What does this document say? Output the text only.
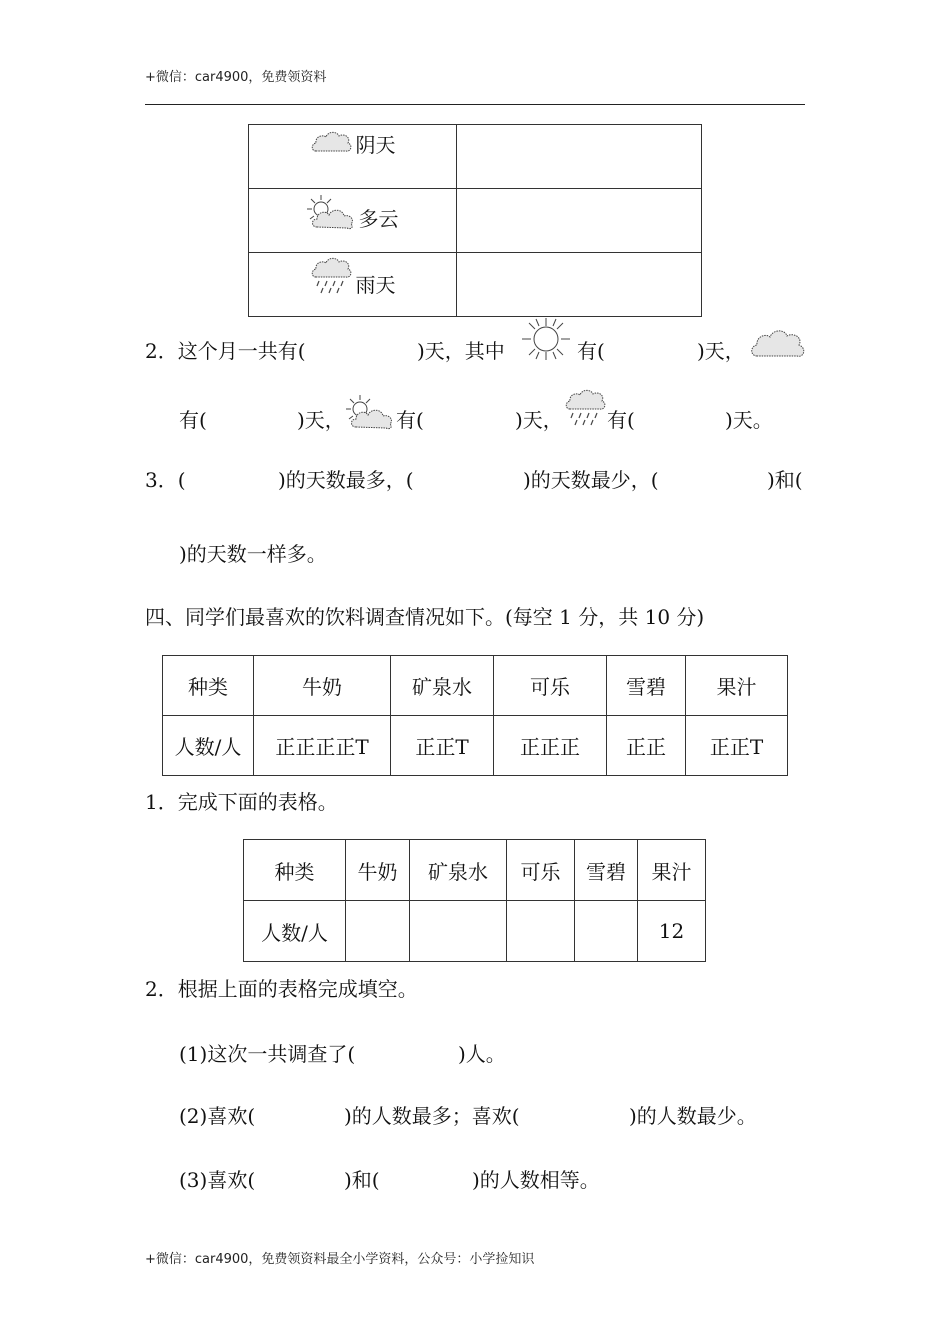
+微信：car4900，免费领资料
阴天	

多云	

雨天	

2．这个月一共有(	)天，其中	有(	)天，
有(	)天，	有(	)天， 有(	)天。
3．(	)的天数最多，(	)的天数最少，(	)和(
)的天数一样多。
四、同学们最喜欢的饮料调查情况如下。(每空 1 分，共 10 分)
种类	牛奶	矿泉水	可乐	雪碧	果汁
人数/人	正正正正T	正正T	正正正	正正	正正T
1．完成下面的表格。
种类	牛奶	矿泉水	可乐	雪碧	果汁
人数/人					12
2．根据上面的表格完成填空。
(1)这次一共调查了(	)人。
(2)喜欢(	)的人数最多；喜欢(	)的人数最少。
(3)喜欢(	)和(	)的人数相等。
+微信：car4900，免费领资料最全小学资料，公众号：小学捡知识
